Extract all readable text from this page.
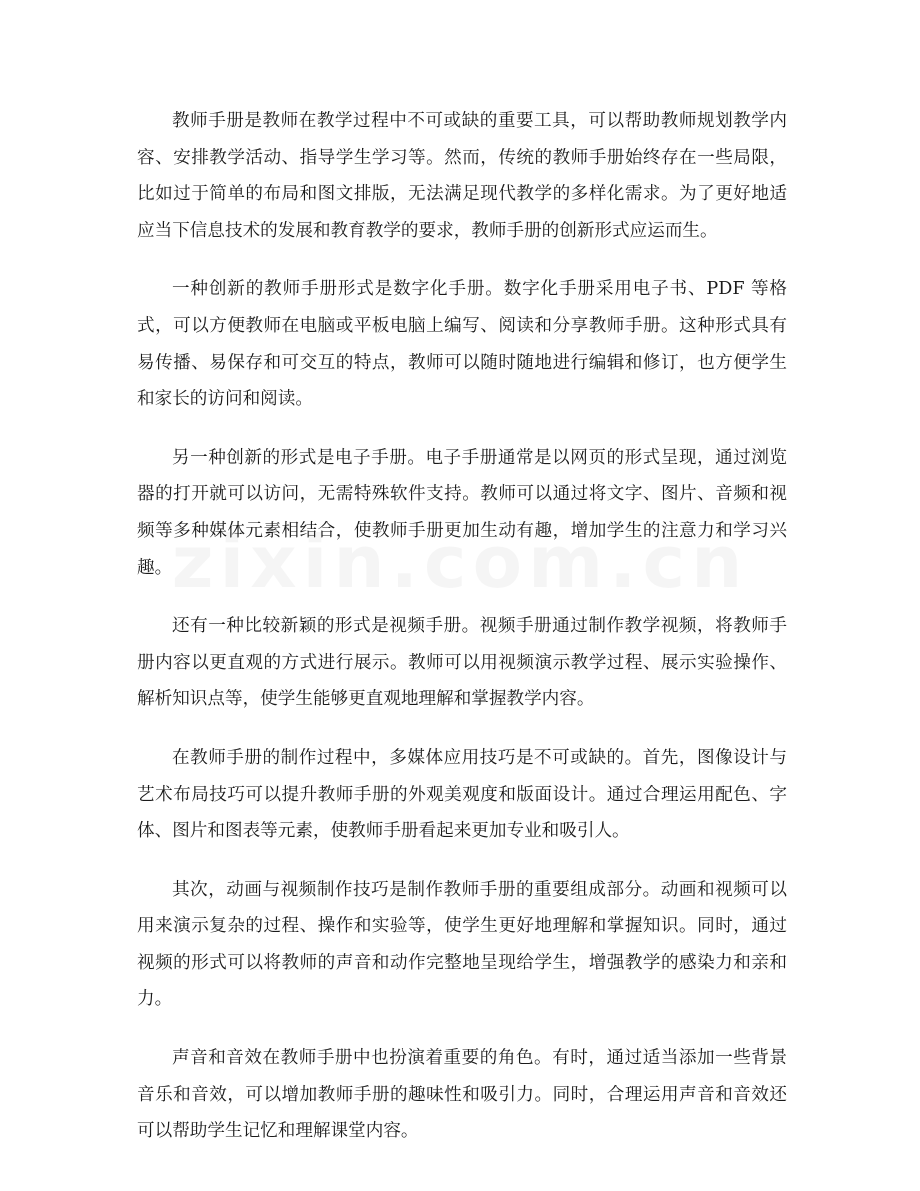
教师手册是教师在教学过程中不可或缺的重要工具，可以帮助教师规划教学内容、安排教学活动、指导学生学习等。然而，传统的教师手册始终存在一些局限，比如过于简单的布局和图文排版，无法满足现代教学的多样化需求。为了更好地适应当下信息技术的发展和教育教学的要求，教师手册的创新形式应运而生。

一种创新的教师手册形式是数字化手册。数字化手册采用电子书、PDF 等格式，可以方便教师在电脑或平板电脑上编写、阅读和分享教师手册。这种形式具有易传播、易保存和可交互的特点，教师可以随时随地进行编辑和修订，也方便学生和家长的访问和阅读。

另一种创新的形式是电子手册。电子手册通常是以网页的形式呈现，通过浏览器的打开就可以访问，无需特殊软件支持。教师可以通过将文字、图片、音频和视频等多种媒体元素相结合，使教师手册更加生动有趣，增加学生的注意力和学习兴趣。

还有一种比较新颖的形式是视频手册。视频手册通过制作教学视频，将教师手册内容以更直观的方式进行展示。教师可以用视频演示教学过程、展示实验操作、解析知识点等，使学生能够更直观地理解和掌握教学内容。

在教师手册的制作过程中，多媒体应用技巧是不可或缺的。首先，图像设计与艺术布局技巧可以提升教师手册的外观美观度和版面设计。通过合理运用配色、字体、图片和图表等元素，使教师手册看起来更加专业和吸引人。

其次，动画与视频制作技巧是制作教师手册的重要组成部分。动画和视频可以用来演示复杂的过程、操作和实验等，使学生更好地理解和掌握知识。同时，通过视频的形式可以将教师的声音和动作完整地呈现给学生，增强教学的感染力和亲和力。

声音和音效在教师手册中也扮演着重要的角色。有时，通过适当添加一些背景音乐和音效，可以增加教师手册的趣味性和吸引力。同时，合理运用声音和音效还可以帮助学生记忆和理解课堂内容。
